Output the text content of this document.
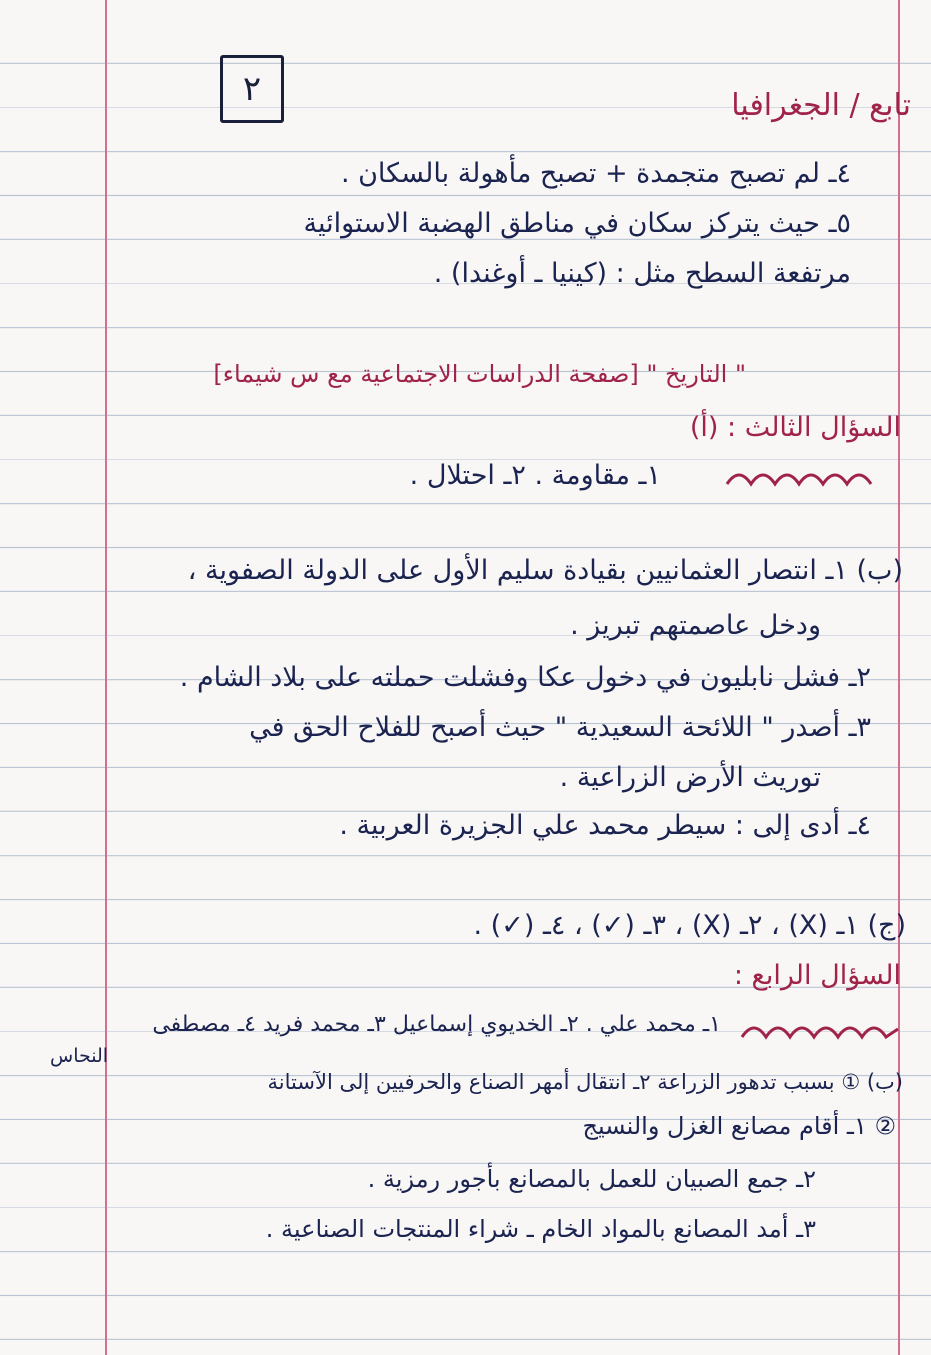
٢	تابع / الجغرافيا
٤ـ لم تصبح متجمدة + تصبح مأهولة بالسكان .
٥ـ حيث يتركز سكان في مناطق الهضبة الاستوائية
مرتفعة السطح مثل : (كينيا ـ أوغندا) .
" التاريخ " [صفحة الدراسات الاجتماعية مع س شيماء]
السؤال الثالث : (أ)
١ـ مقاومة . ٢ـ احتلال .
(ب) ١ـ انتصار العثمانيين بقيادة سليم الأول على الدولة الصفوية ،
ودخل عاصمتهم تبريز .
٢ـ فشل نابليون في دخول عكا وفشلت حملته على بلاد الشام .
٣ـ أصدر " اللائحة السعيدية " حيث أصبح للفلاح الحق في
توريث الأرض الزراعية .
٤ـ أدى إلى : سيطر محمد علي الجزيرة العربية .
(ج) ١ـ (X) ، ٢ـ (X) ، ٣ـ (✓) ، ٤ـ (✓) .
السؤال الرابع :
١ـ محمد علي . ٢ـ الخديوي إسماعيل ٣ـ محمد فريد ٤ـ مصطفى
النحاس
(ب) ① بسبب تدهور الزراعة ٢ـ انتقال أمهر الصناع والحرفيين إلى الآستانة
② ١ـ أقام مصانع الغزل والنسيج
٢ـ جمع الصبيان للعمل بالمصانع بأجور رمزية .
٣ـ أمد المصانع بالمواد الخام ـ شراء المنتجات الصناعية .
